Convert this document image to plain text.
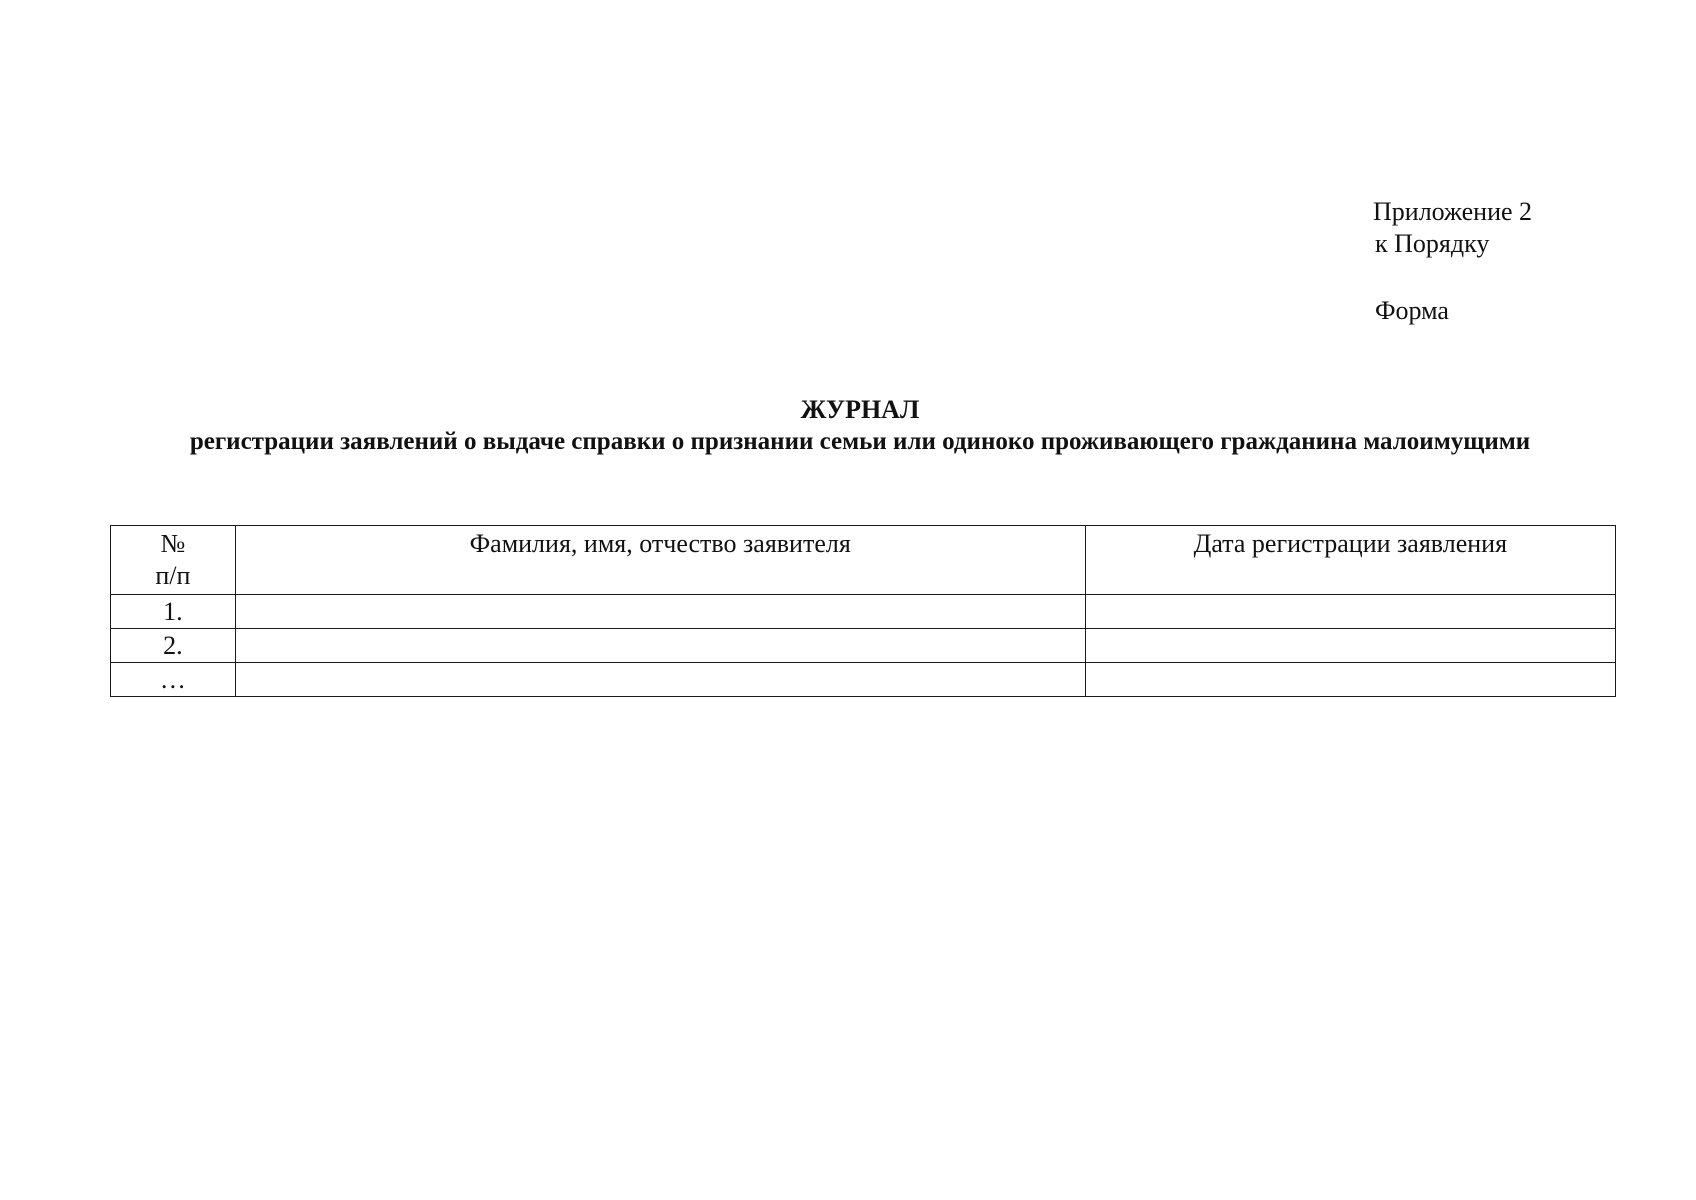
Приложение 2
к Порядку
Форма
ЖУРНАЛ
регистрации заявлений о выдаче справки о признании семьи или одиноко проживающего гражданина малоимущими
№
п/п	Фамилия, имя, отчество заявителя	Дата регистрации заявления
1.		
2.		
…		
